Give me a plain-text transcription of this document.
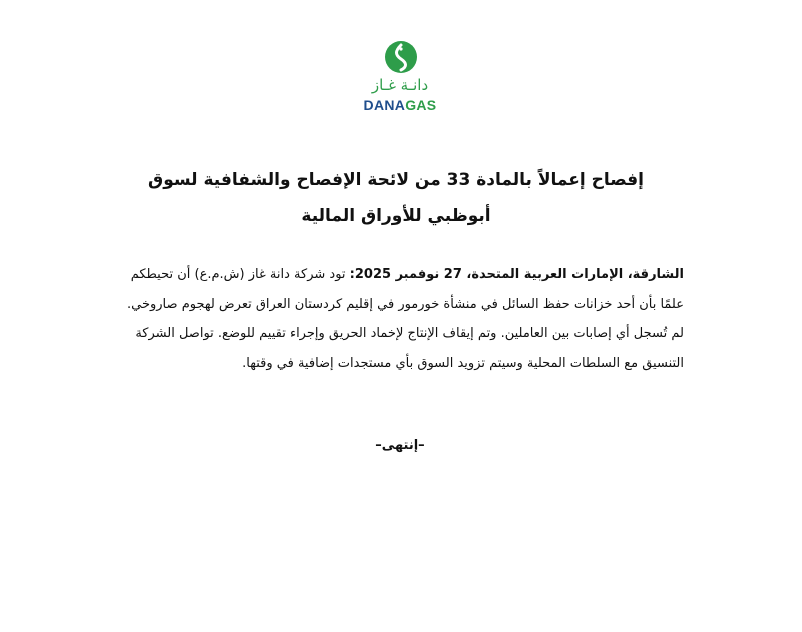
دانـة غـاز
DANAGAS
إفصاح إعمالاً بالمادة 33 من لائحة الإفصاح والشفافية لسوق أبوظبي للأوراق المالية
الشارقة، الإمارات العربية المتحدة، 27 نوفمبر 2025: تود شركة دانة غاز (ش.م.ع) أن تحيطكم علمًا بأن أحد خزانات حفظ السائل في منشأة خورمور في إقليم كردستان العراق تعرض لهجوم صاروخي. لم تُسجل أي إصابات بين العاملين. وتم إيقاف الإنتاج لإخماد الحريق وإجراء تقييم للوضع. تواصل الشركة التنسيق مع السلطات المحلية وسيتم تزويد السوق بأي مستجدات إضافية في وقتها.
–إنتهى–
